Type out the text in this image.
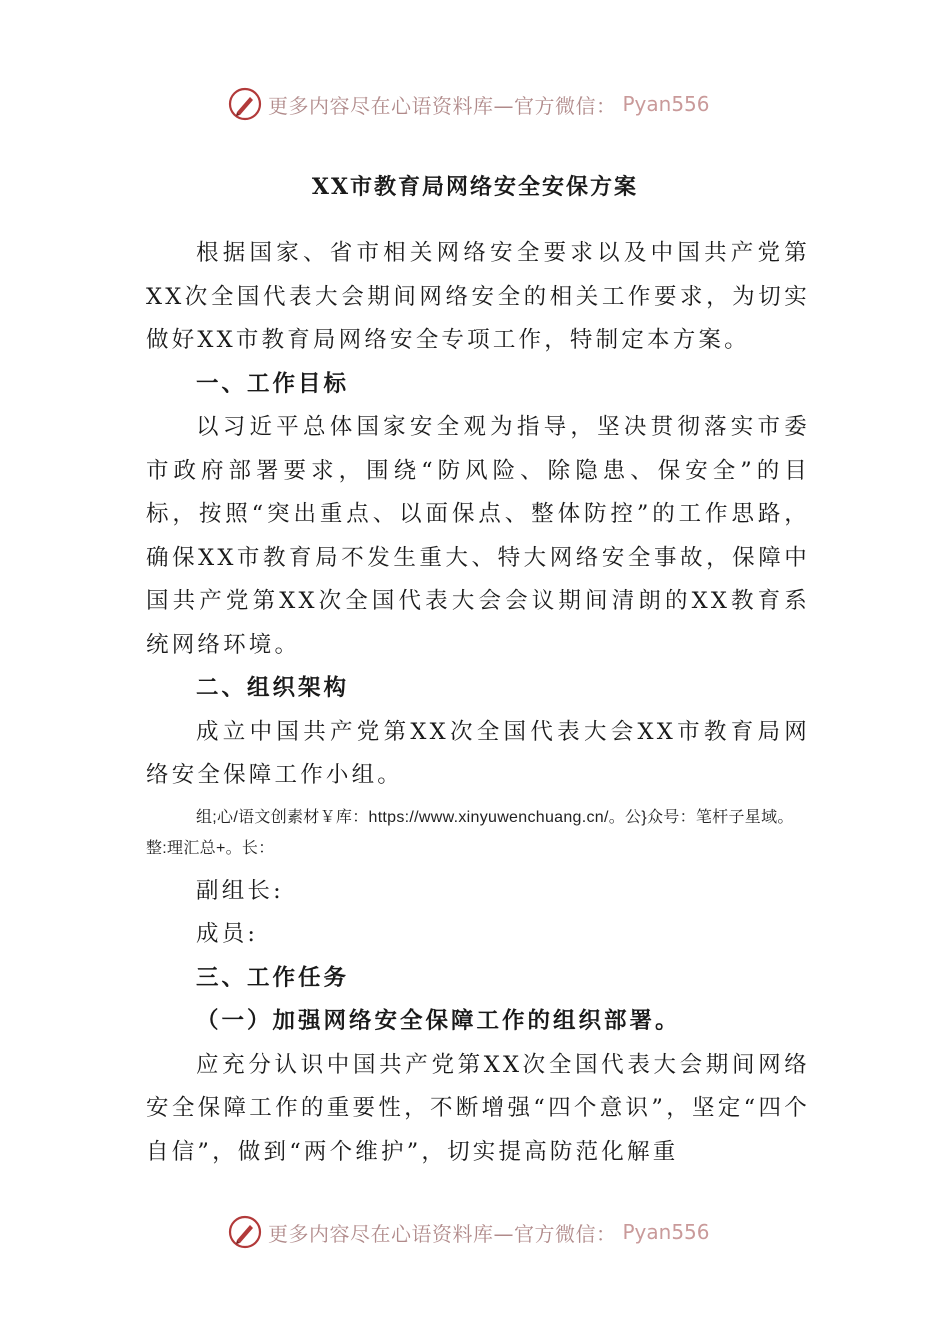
更多内容尽在心语资料库—官方微信： Pyan556
XX市教育局网络安全安保方案

根据国家、省市相关网络安全要求以及中国共产党第XX次全国代表大会期间网络安全的相关工作要求，为切实做好XX市教育局网络安全专项工作，特制定本方案。

一、工作目标

以习近平总体国家安全观为指导，坚决贯彻落实市委市政府部署要求，围绕“防风险、除隐患、保安全”的目标，按照“突出重点、以面保点、整体防控”的工作思路，确保XX市教育局不发生重大、特大网络安全事故，保障中国共产党第XX次全国代表大会会议期间清朗的XX教育系统网络环境。

二、组织架构

成立中国共产党第XX次全国代表大会XX市教育局网络安全保障工作小组。

组;心/语文创素材￥库：https://www.xinyuwenchuang.cn/。公}众号：笔杆子星域。整:理汇总+。长：

副组长:

成员:

三、工作任务

（一）加强网络安全保障工作的组织部署。

应充分认识中国共产党第XX次全国代表大会期间网络安全保障工作的重要性，不断增强“四个意识”，坚定“四个自信”，做到“两个维护”，切实提高防范化解重

更多内容尽在心语资料库—官方微信： Pyan556
